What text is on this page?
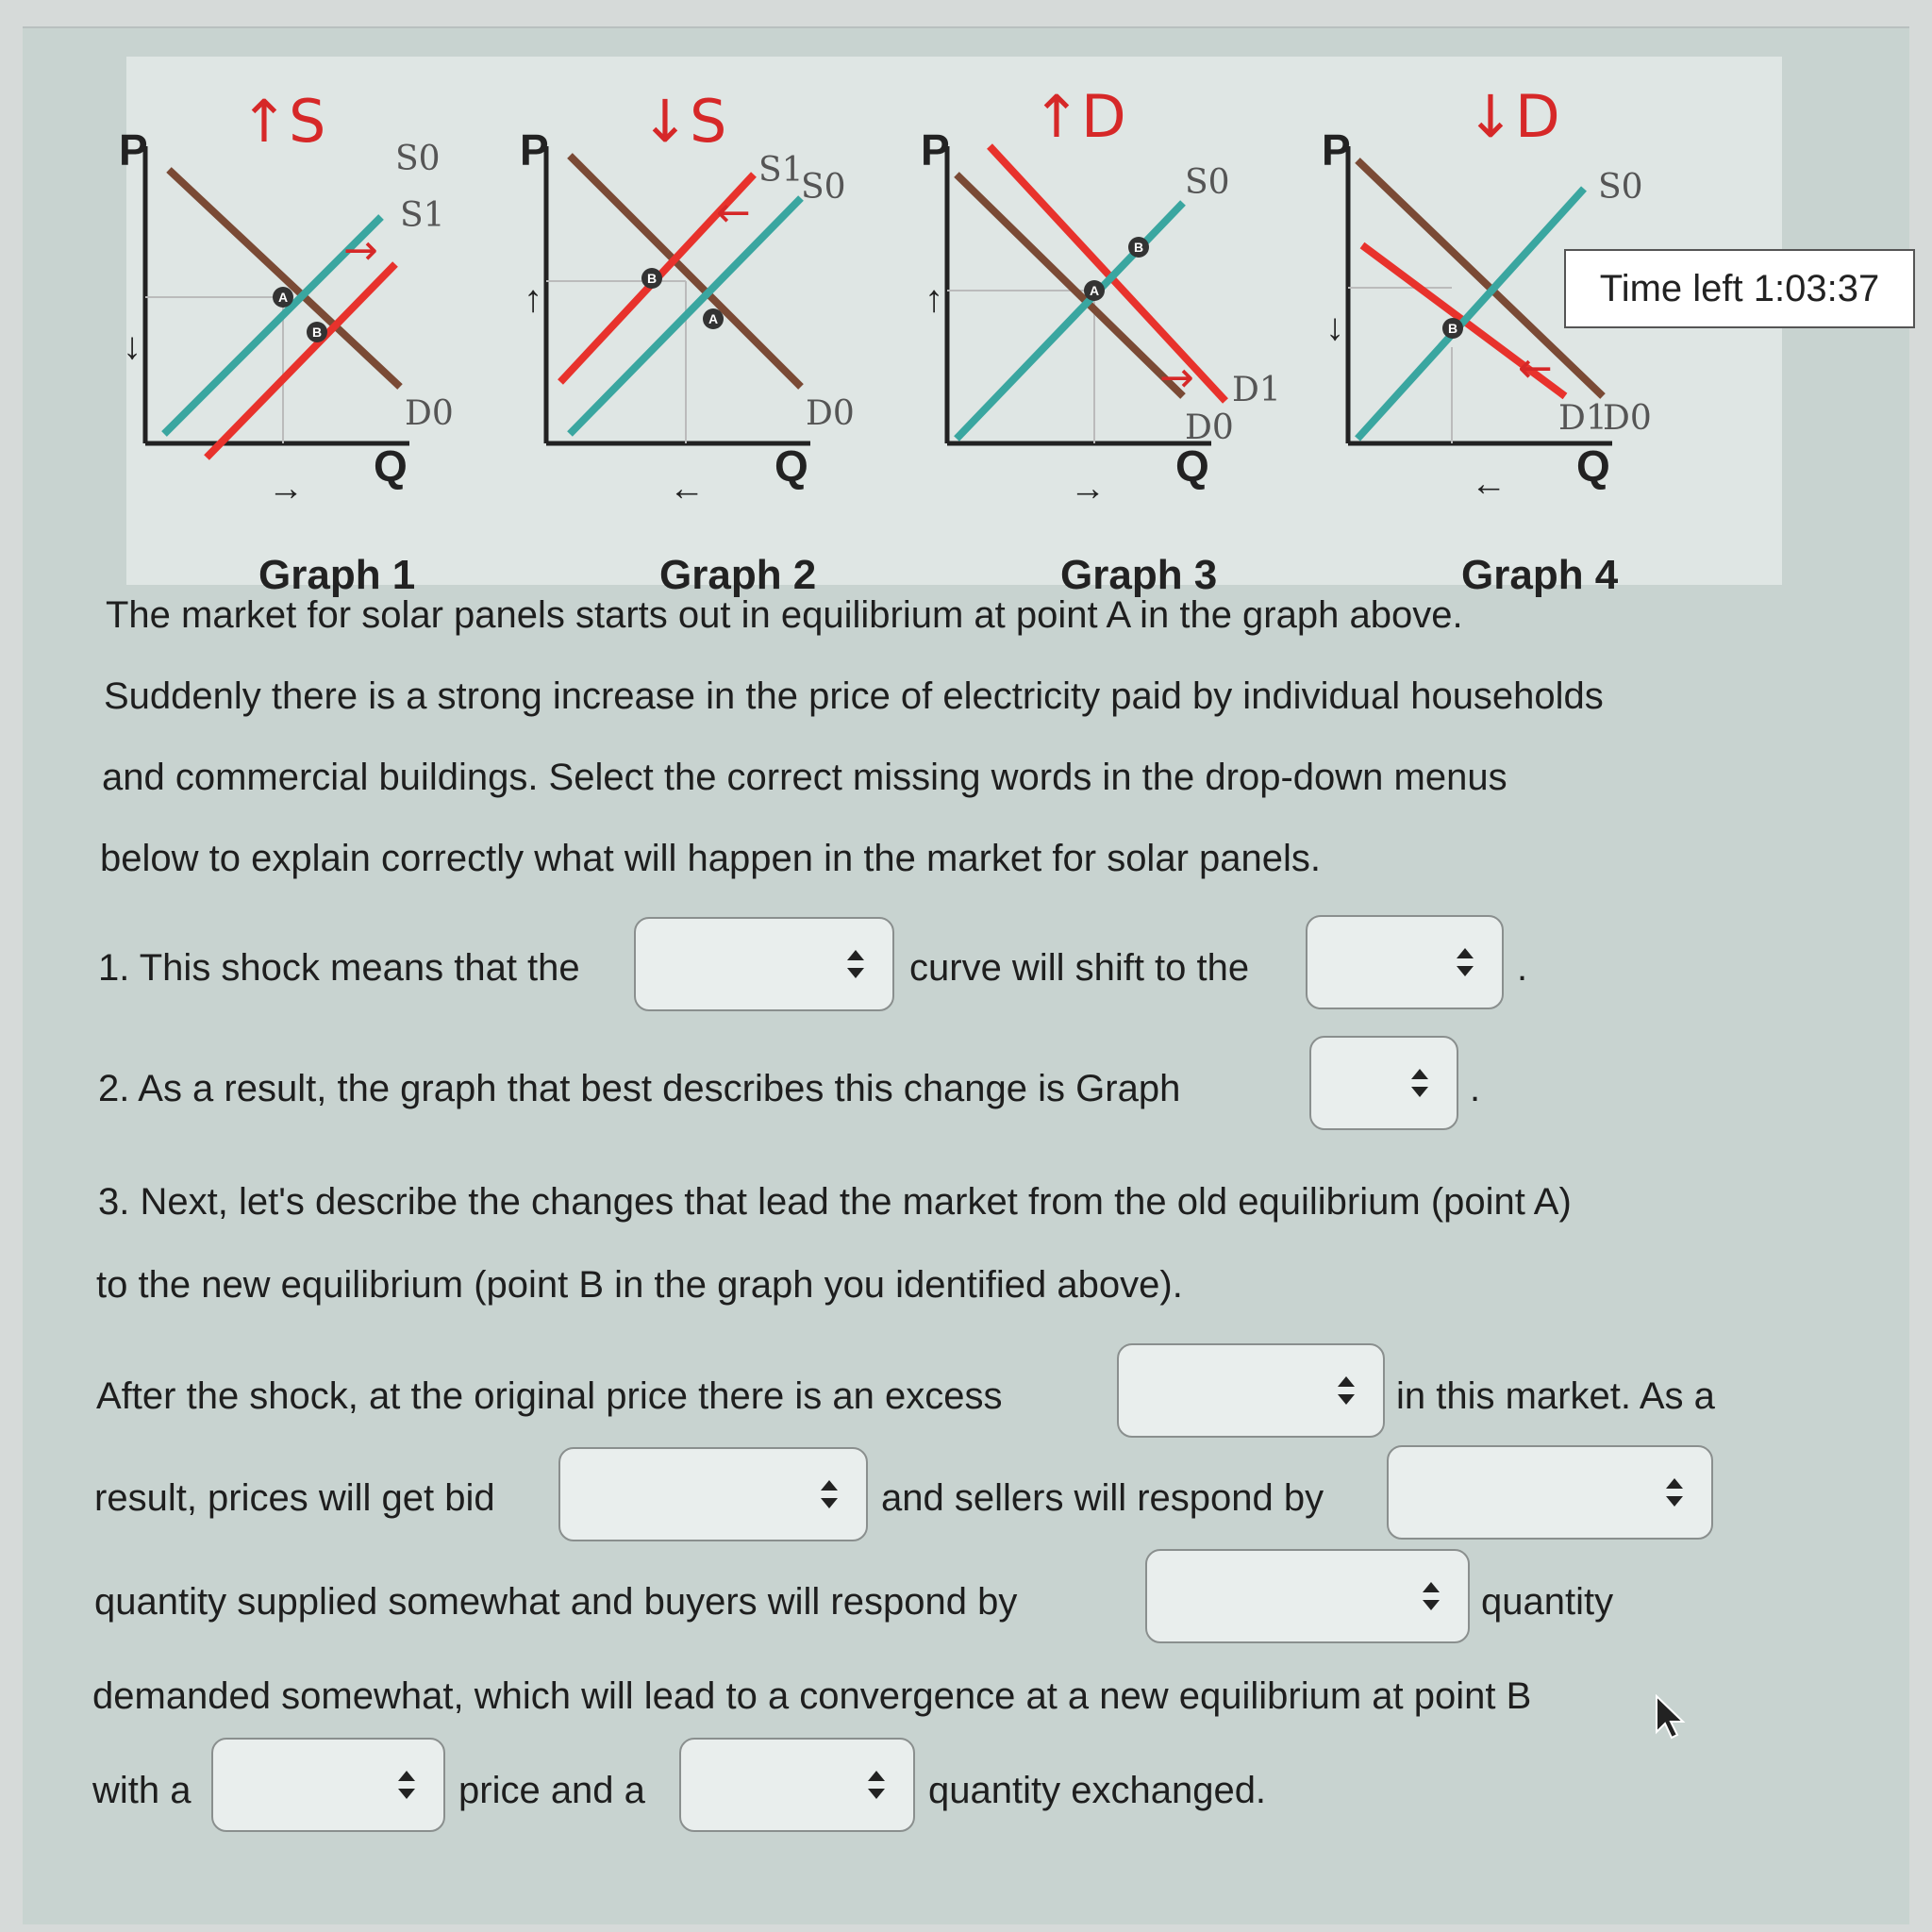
↑S
P
Q
A
B
S0
S1
D0
→
↓
→
Graph 1
↓S
P
Q
B
A
S1
S0
D0
←
↑
←
Graph 2
↑D
P
Q
A
B
S0
D0
D1
→
↑
→
Graph 3
↓D
P
Q
B
S0
D1
D0
←
↓
←
Graph 4
Time left 1:03:37
The market for solar panels starts out in equilibrium at point A in the graph above.
Suddenly there is a strong increase in the price of electricity paid by individual households
and commercial buildings. Select the correct missing words in the drop-down menus
below to explain correctly what will happen in the market for solar panels.
1. This shock means that the	curve will shift to the	.
2. As a result, the graph that best describes this change is Graph	.
3. Next, let's describe the changes that lead the market from the old equilibrium (point A)
to the new equilibrium (point B in the graph you identified above).
After the shock, at the original price there is an excess	in this market. As a
result, prices will get bid	and sellers will respond by
quantity supplied somewhat and buyers will respond by	quantity
demanded somewhat, which will lead to a convergence at a new equilibrium at point B
with a	price and a	quantity exchanged.
